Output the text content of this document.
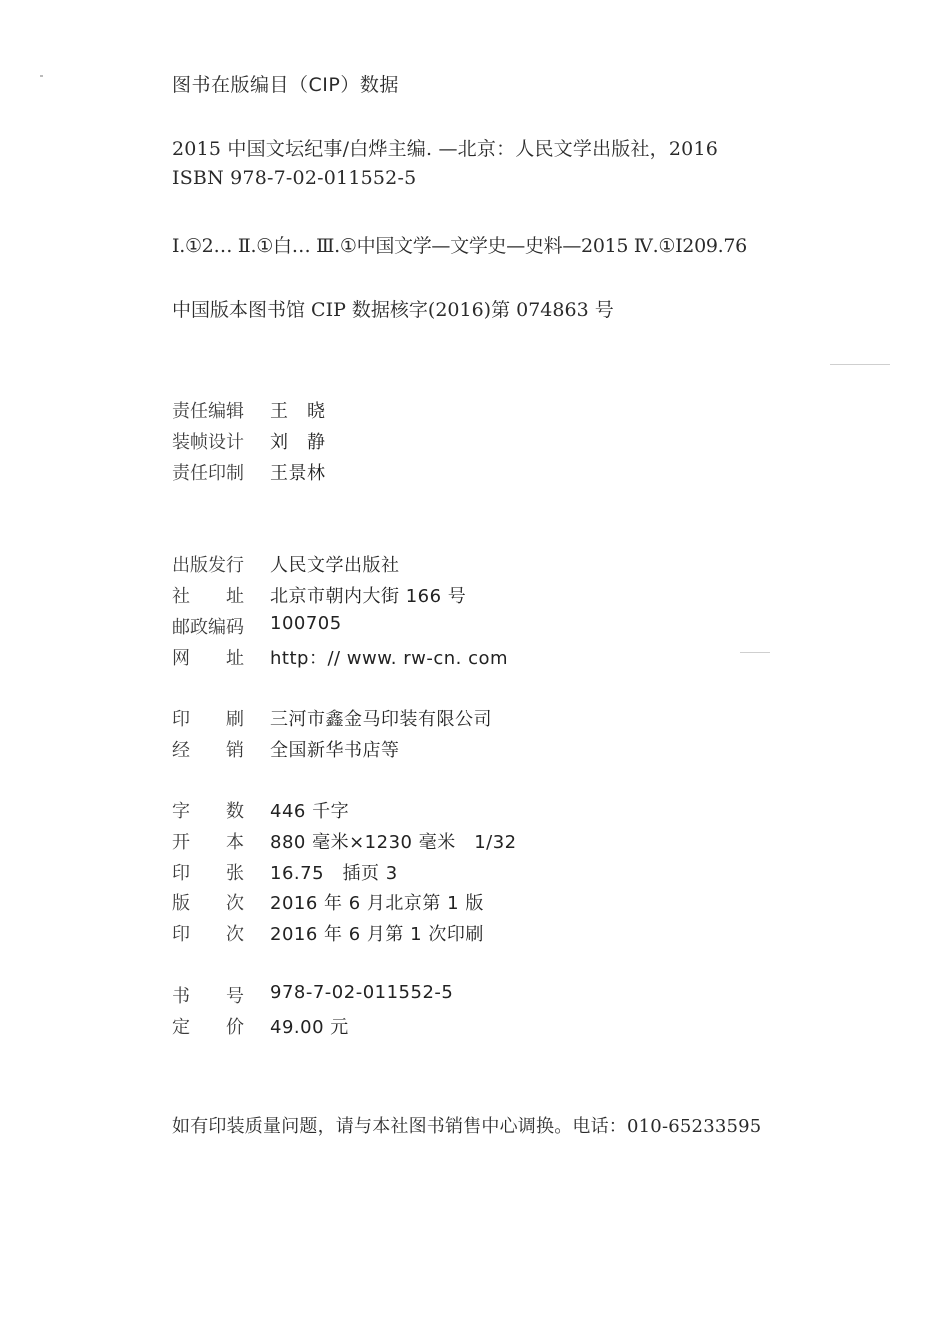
图书在版编目（CIP）数据
2015 中国文坛纪事/白烨主编. —北京：人民文学出版社，2016
ISBN 978-7-02-011552-5
Ⅰ.①2… Ⅱ.①白… Ⅲ.①中国文学—文学史—史料—2015 Ⅳ.①I209.76
中国版本图书馆 CIP 数据核字(2016)第 074863 号
责任编辑	王　晓
装帧设计	刘　静
责任印制	王景林
出版发行	人民文学出版社
社　　址	北京市朝内大街 166 号
邮政编码	100705
网　　址	http：// www. rw-cn. com
印　　刷	三河市鑫金马印装有限公司
经　　销	全国新华书店等
字　　数	446 千字
开　　本	880 毫米×1230 毫米　1/32
印　　张	16.75　插页 3
版　　次	2016 年 6 月北京第 1 版
印　　次	2016 年 6 月第 1 次印刷
书　　号	978-7-02-011552-5
定　　价	49.00 元
如有印装质量问题，请与本社图书销售中心调换。电话：010-65233595
